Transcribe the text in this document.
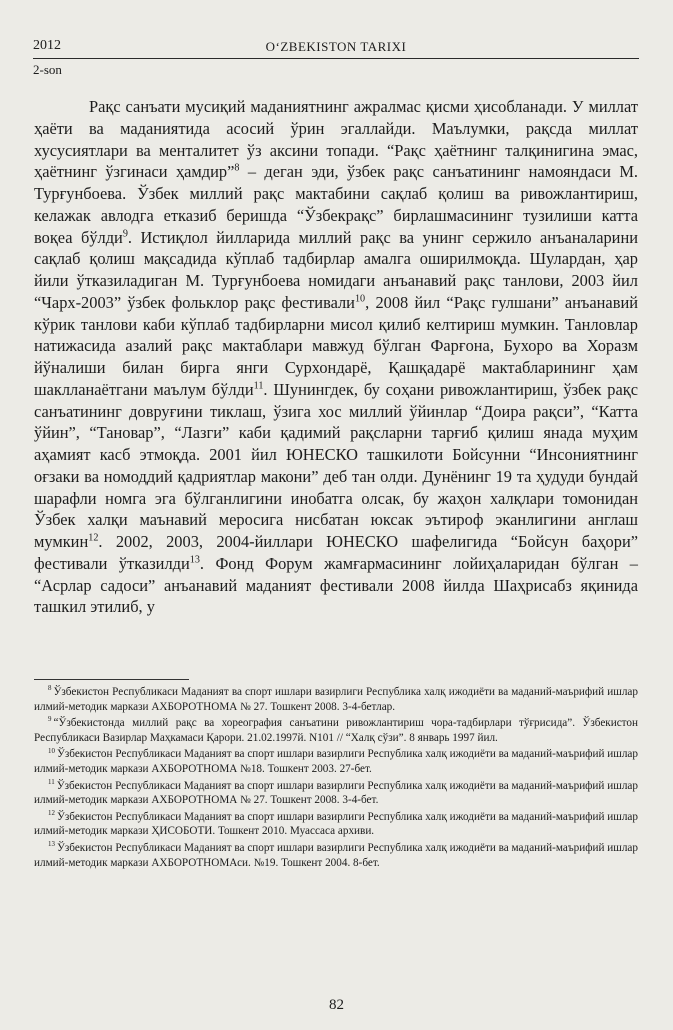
2012	O‘ZBEKISTON TARIXI
2-son

Рақс санъати мусиқий маданиятнинг ажралмас қисми ҳисобланади. У миллат ҳаёти ва маданиятида асосий ўрин эгаллайди. Маълумки, рақсда миллат хусусиятлари ва менталитет ўз аксини топади. “Рақс ҳаётнинг талқинигина эмас, ҳаётнинг ўзгинаси ҳамдир”$^8$ – деган эди, ўзбек рақс санъатининг намояндаси М. Турғунбоева. Ўзбек миллий рақс мактабини сақлаб қолиш ва ривожлантириш, келажак авлодга етказиб беришда “Ўзбекрақс” бирлашмасининг тузилиши катта воқеа бўлди$^9$. Истиқлол йилларида миллий рақс ва унинг сержило анъаналарини сақлаб қолиш мақсадида кўплаб тадбирлар амалга оширилмоқда. Шулардан, ҳар йили ўтказиладиган М. Турғунбоева номидаги анъанавий рақс танлови, 2003 йил “Чарх-2003” ўзбек фольклор рақс фестивали$^{10}$, 2008 йил “Рақс гулшани” анъанавий кўрик танлови каби кўплаб тадбирларни мисол қилиб келтириш мумкин. Танловлар натижасида азалий рақс мактаблари мавжуд бўлган Фарғона, Бухоро ва Хоразм йўналиши билан бирга янги Сурхондарё, Қашқадарё мактабларининг ҳам шаклланаётгани маълум бўлди$^{11}$. Шунингдек, бу соҳани ривожлантириш, ўзбек рақс санъатининг довруғини тиклаш, ўзига хос миллий ўйинлар “Доира рақси”, “Катта ўйин”, “Тановар”, “Лазги” каби қадимий рақсларни тарғиб қилиш янада муҳим аҳамият касб этмоқда. 2001 йил ЮНЕСКО ташкилоти Бойсунни “Инсониятнинг оғзаки ва номоддий қадриятлар макони” деб тан олди. Дунёнинг 19 та ҳудуди бундай шарафли номга эга бўлганлигини инобатга олсак, бу жаҳон халқлари томонидан Ўзбек халқи маънавий меросига нисбатан юксак эътироф эканлигини англаш мумкин$^{12}$. 2002, 2003, 2004-йиллари ЮНЕСКО шафелигида “Бойсун баҳори” фестивали ўтказилди$^{13}$. Фонд Форум жамғармасининг лойиҳаларидан бўлган – “Асрлар садоси” анъанавий маданият фестивали 2008 йилда Шаҳрисабз яқинида ташкил этилиб, у

$^8$ Ўзбекистон Республикаси Маданият ва спорт ишлари вазирлиги Республика халқ ижодиёти ва маданий-маърифий ишлар илмий-методик маркази АХБОРОТНОМА № 27. Тошкент 2008. 3-4-бетлар.

$^9$ “Ўзбекистонда миллий рақс ва хореография санъатини ривожлантириш чора-тадбирлари тўғрисида”. Ўзбекистон Республикаси Вазирлар Маҳкамаси Қарори. 21.02.1997й. N101 // “Халқ сўзи”. 8 январь 1997 йил.

$^{10}$ Ўзбекистон Республикаси Маданият ва спорт ишлари вазирлиги Республика халқ ижодиёти ва маданий-маърифий ишлар илмий-методик маркази АХБОРОТНОМА №18. Тошкент 2003. 27-бет.

$^{11}$ Ўзбекистон Республикаси Маданият ва спорт ишлари вазирлиги Республика халқ ижодиёти ва маданий-маърифий ишлар илмий-методик маркази АХБОРОТНОМА № 27. Тошкент 2008. 3-4-бет.

$^{12}$ Ўзбекистон Республикаси Маданият ва спорт ишлари вазирлиги Республика халқ ижодиёти ва маданий-маърифий ишлар илмий-методик маркази ҲИСОБОТИ. Тошкент 2010. Муассаса архиви.

$^{13}$ Ўзбекистон Республикаси Маданият ва спорт ишлари вазирлиги Республика халқ ижодиёти ва маданий-маърифий ишлар илмий-методик маркази АХБОРОТНОМАси. №19. Тошкент 2004. 8-бет.

82
